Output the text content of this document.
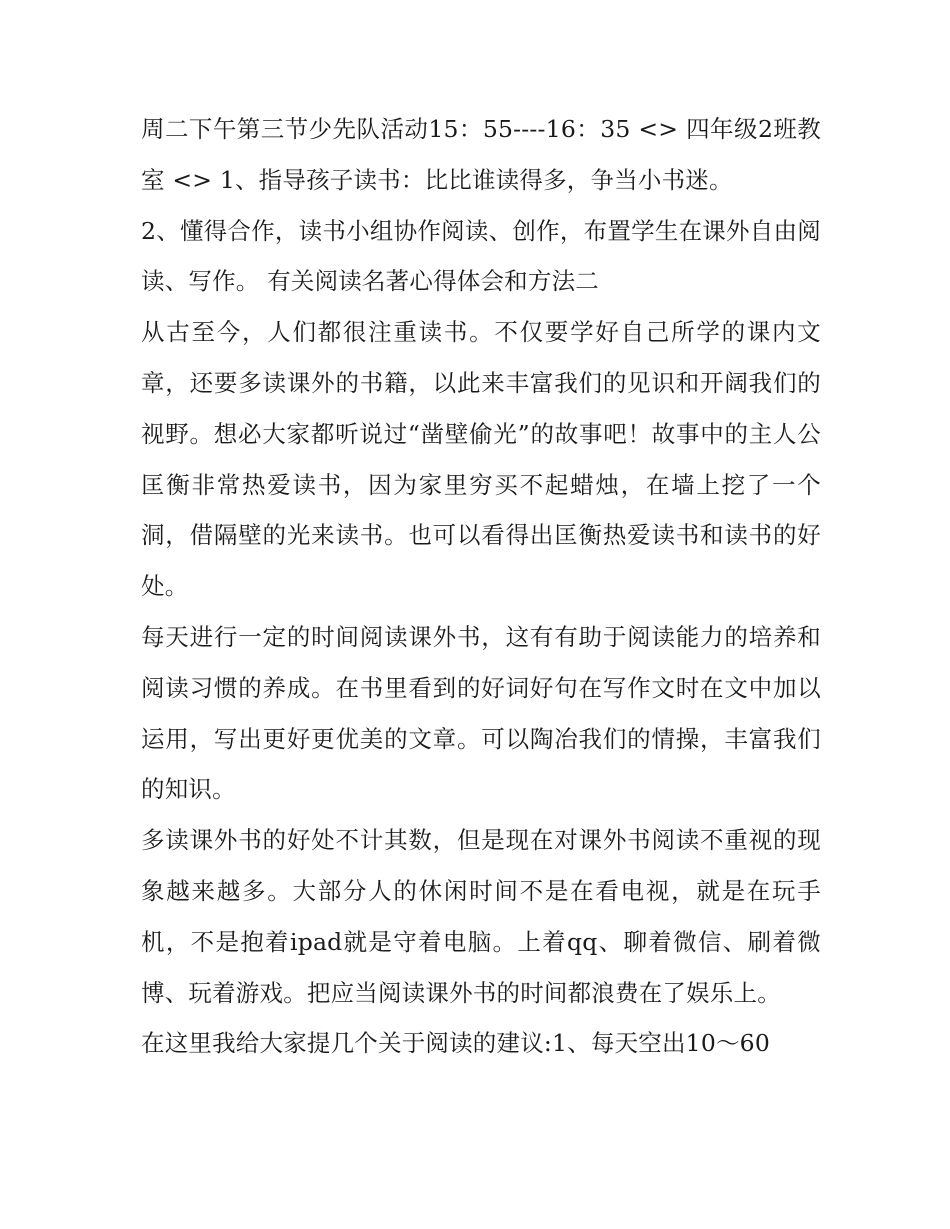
周二下午第三节少先队活动15：55----16：35 <> 四年级2班教室 <> 1、指导孩子读书：比比谁读得多，争当小书迷。

2、懂得合作，读书小组协作阅读、创作，布置学生在课外自由阅读、写作。 有关阅读名著心得体会和方法二

从古至今，人们都很注重读书。不仅要学好自己所学的课内文章，还要多读课外的书籍，以此来丰富我们的见识和开阔我们的视野。想必大家都听说过“凿壁偷光”的故事吧！故事中的主人公匡衡非常热爱读书，因为家里穷买不起蜡烛，在墙上挖了一个洞，借隔壁的光来读书。也可以看得出匡衡热爱读书和读书的好处。

每天进行一定的时间阅读课外书，这有有助于阅读能力的培养和阅读习惯的养成。在书里看到的好词好句在写作文时在文中加以运用，写出更好更优美的文章。可以陶冶我们的情操，丰富我们的知识。

多读课外书的好处不计其数，但是现在对课外书阅读不重视的现象越来越多。大部分人的休闲时间不是在看电视，就是在玩手机，不是抱着ipad就是守着电脑。上着qq、聊着微信、刷着微博、玩着游戏。把应当阅读课外书的时间都浪费在了娱乐上。

在这里我给大家提几个关于阅读的建议:1、每天空出10～60
